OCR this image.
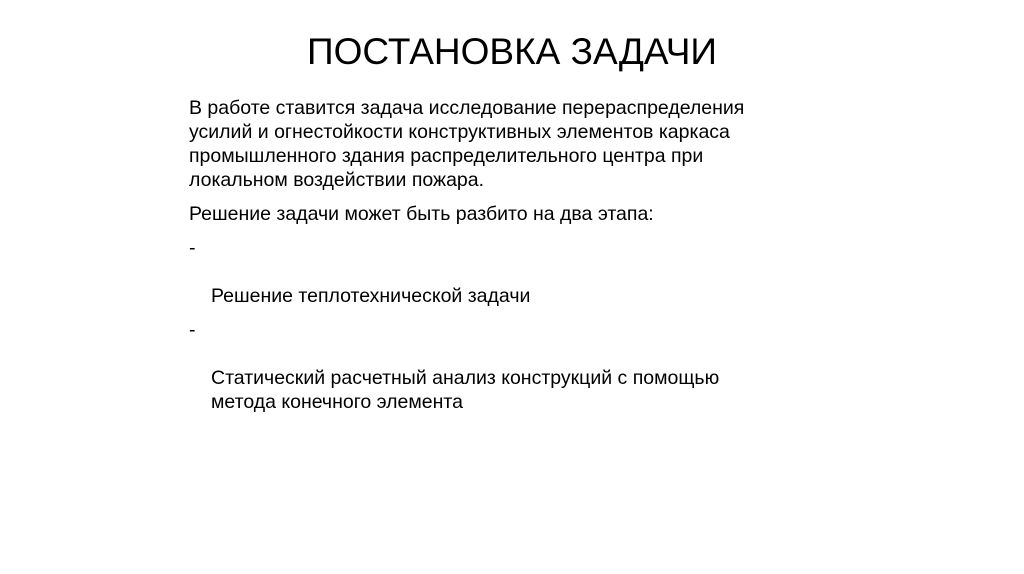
ПОСТАНОВКА ЗАДАЧИ

В работе ставится задача исследование перераспределения
усилий и огнестойкости конструктивных элементов каркаса
промышленного здания распределительного центра при
локальном воздействии пожара.

Решение задачи может быть разбито на два этапа:

-

Решение теплотехнической задачи

-

Статический расчетный анализ конструкций с помощью
метода конечного элемента
